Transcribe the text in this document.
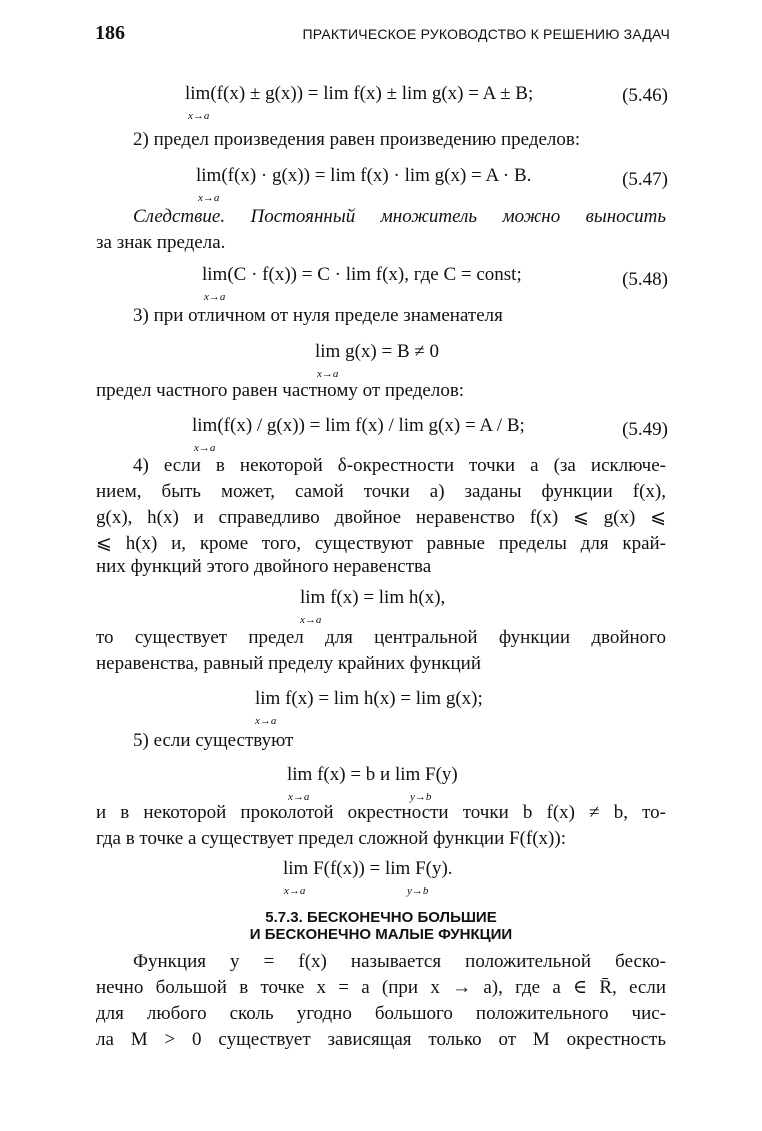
186	ПРАКТИЧЕСКОЕ РУКОВОДСТВО К РЕШЕНИЮ ЗАДАЧ
lim(f(x) ± g(x)) = lim f(x) ± lim g(x) = A ± B;
x→a
(5.46)
2) предел произведения равен произведению пределов:
lim(f(x) · g(x)) = lim f(x) · lim g(x) = A · B.
x→a
(5.47)
Следствие. Постоянный множитель можно выносить
за знак предела.
lim(C · f(x)) = C · lim f(x), где C = const;
x→a
(5.48)
3) при отличном от нуля пределе знаменателя
lim g(x) = B ≠ 0
x→a
предел частного равен частному от пределов:
lim(f(x) / g(x)) = lim f(x) / lim g(x) = A / B;
x→a
(5.49)
4) если в некоторой δ-окрестности точки a (за исключе-
нием, быть может, самой точки a) заданы функции f(x),
g(x), h(x) и справедливо двойное неравенство f(x) ⩽ g(x) ⩽
⩽ h(x) и, кроме того, существуют равные пределы для край-
них функций этого двойного неравенства
lim f(x) = lim h(x),
x→a
то существует предел для центральной функции двойного
неравенства, равный пределу крайних функций
lim f(x) = lim h(x) = lim g(x);
x→a
5) если существуют
lim f(x) = b и lim F(y)
x→a	y→b
и в некоторой проколотой окрестности точки b f(x) ≠ b, то-
гда в точке a существует предел сложной функции F(f(x)):
lim F(f(x)) = lim F(y).
x→a	y→b
5.7.3. БЕСКОНЕЧНО БОЛЬШИЕ
И БЕСКОНЕЧНО МАЛЫЕ ФУНКЦИИ
Функция y = f(x) называется положительной беско-
нечно большой в точке x = a (при x → a), где a ∈ R̄, если
для любого сколь угодно большого положительного чис-
ла M > 0 существует зависящая только от M окрестность
